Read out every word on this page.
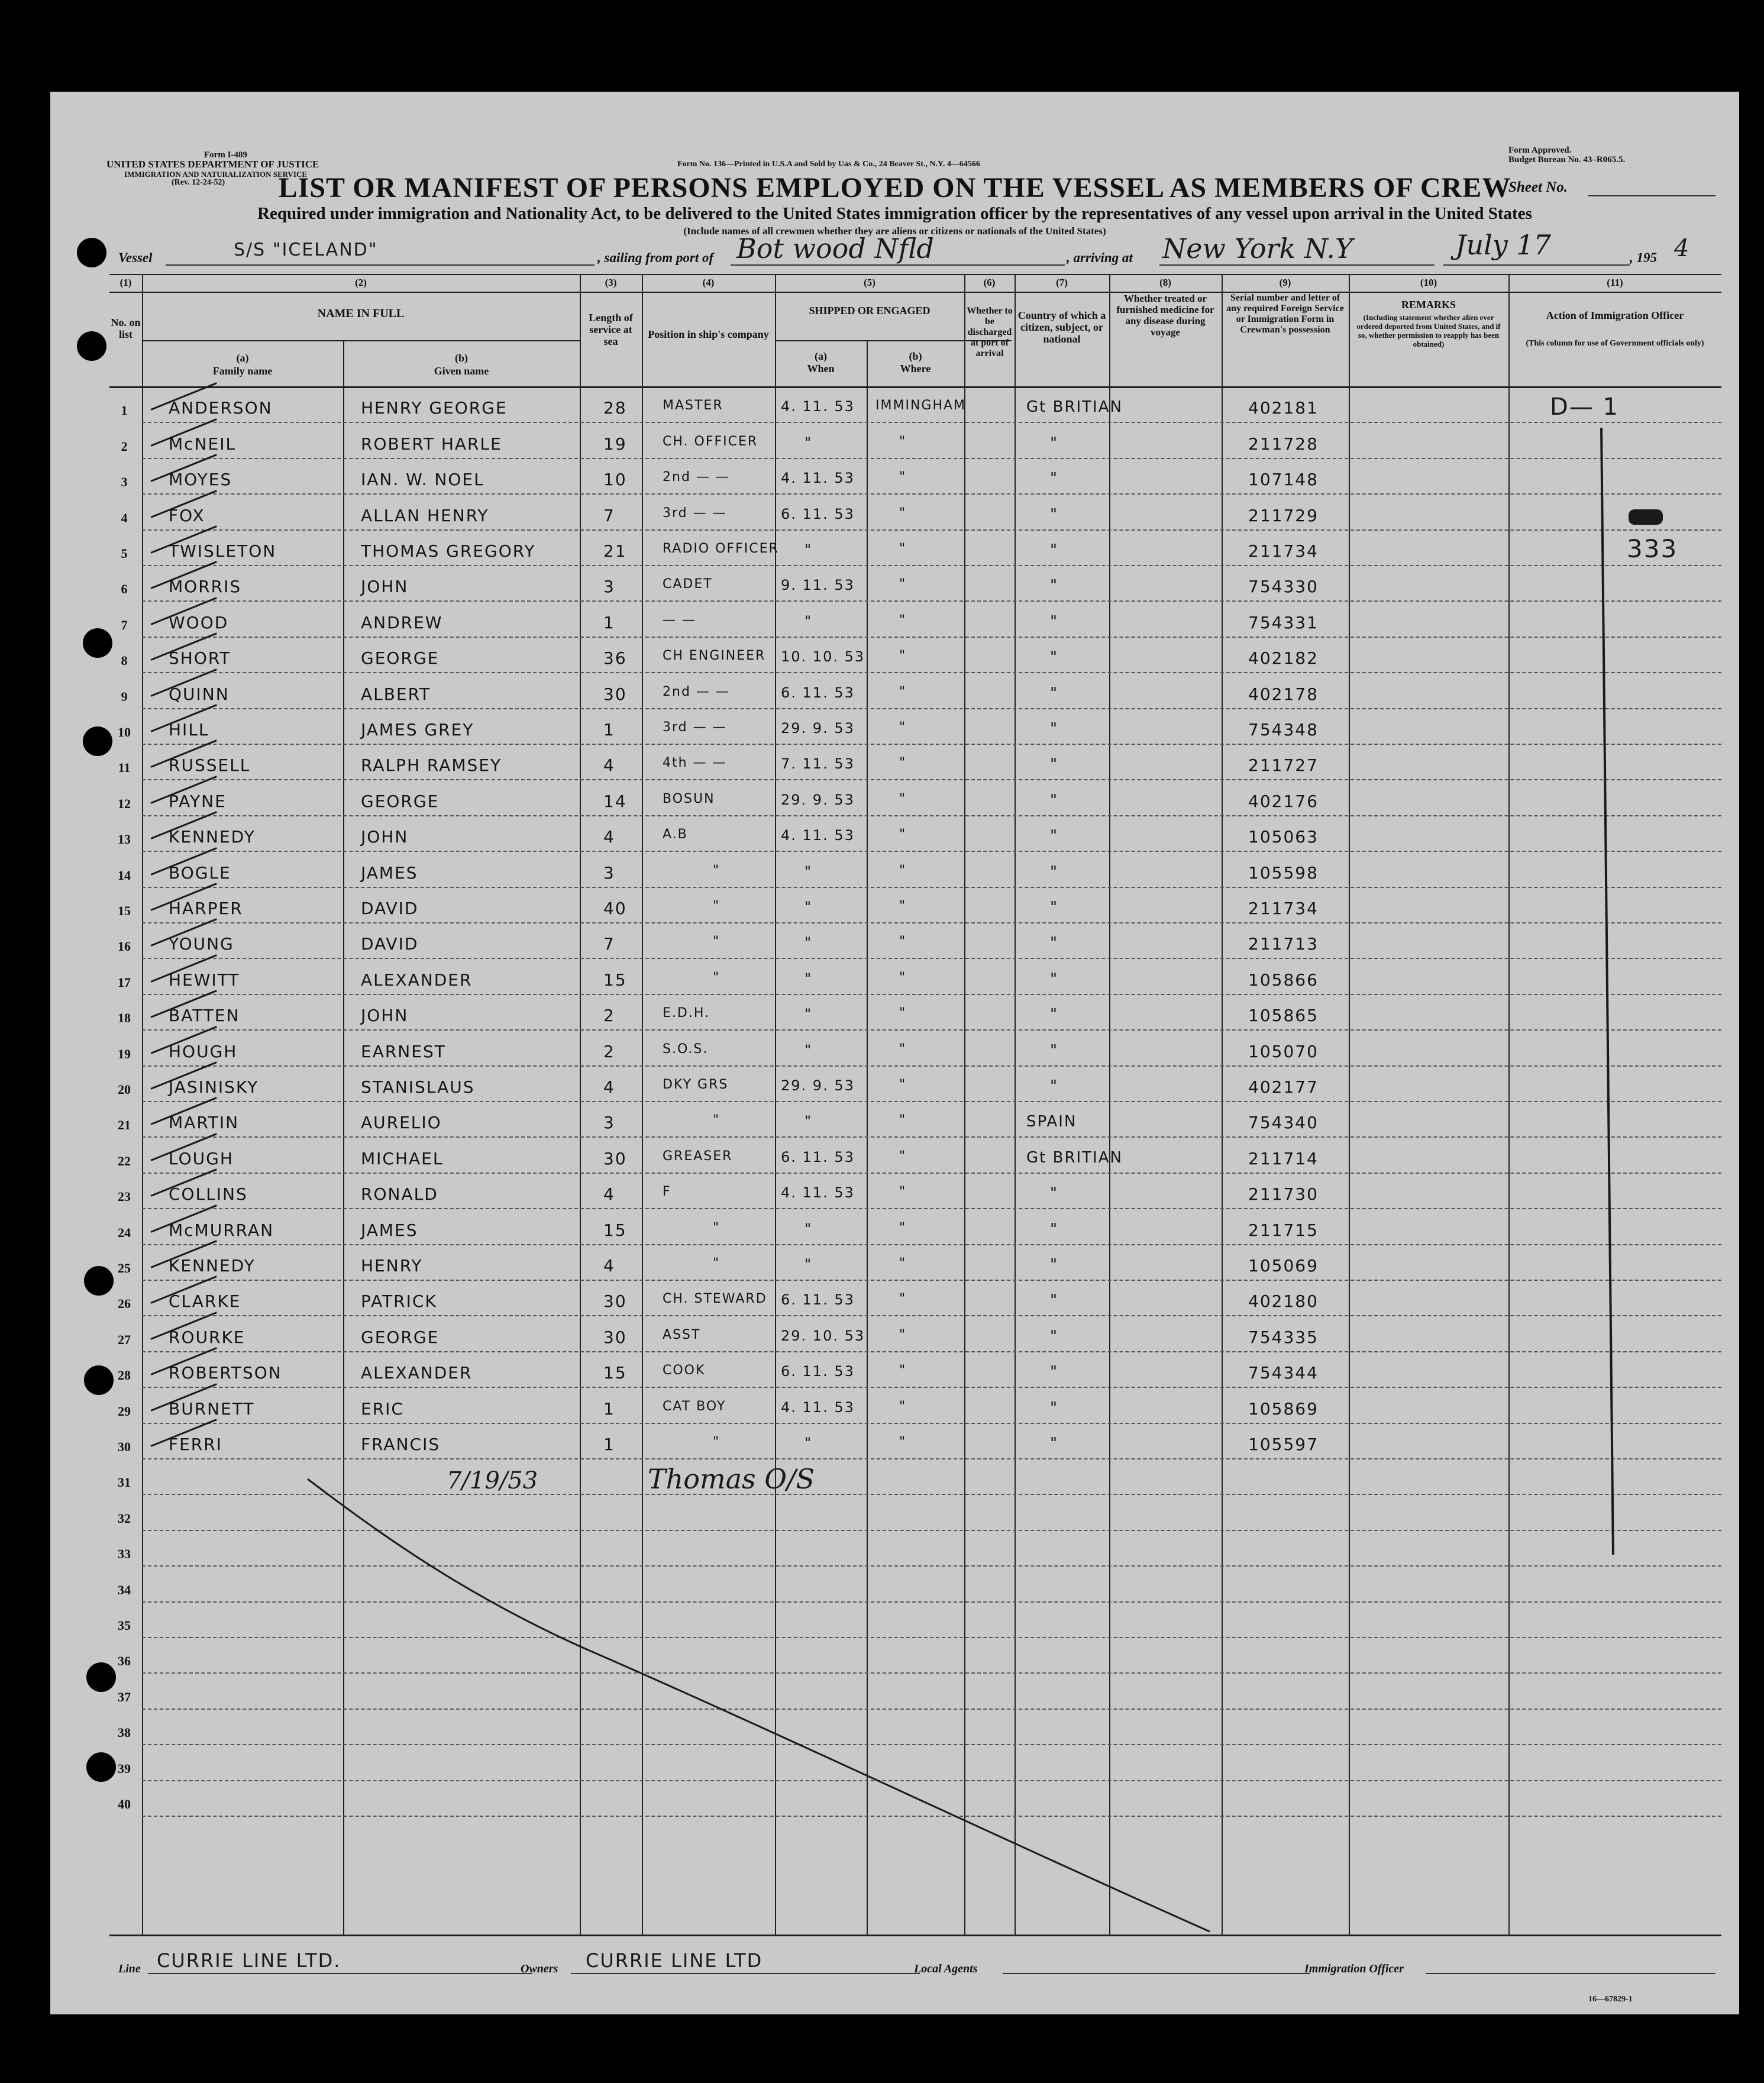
Form I-489
UNITED STATES DEPARTMENT OF JUSTICE
IMMIGRATION AND NATURALIZATION SERVICE
(Rev. 12-24-52)
Form No. 136—Printed in U.S.A and Sold by Uas & Co., 24 Beaver St., N.Y. 4—64566
Form Approved.
Budget Bureau No. 43–R065.5.
Sheet No.
LIST OR MANIFEST OF PERSONS EMPLOYED ON THE VESSEL AS MEMBERS OF CREW
Required under immigration and Nationality Act, to be delivered to the United States immigration officer by the representatives of any vessel upon arrival in the United States
(Include names of all crewmen whether they are aliens or citizens or nationals of the United States)
Vessel	S/S "ICELAND"	, sailing from port of Bot wood Nfld	, arriving at New York N.Y	July 17	, 195 4
(1)	(2)	(3)	(4)	(5)	(6)	(7)	(8)	(9)	(10)	(11)
No. on list
NAME IN FULL
(a)
Family name
(b)
Given name
Length of service at sea
Position in ship's company
SHIPPED OR ENGAGED
(a)
When
(b)
Where
Whether to be discharged at port of arrival
Country of which a citizen, subject, or national
Whether treated or furnished medicine for any disease during voyage
Serial number and letter of any required Foreign Service or Immigration Form in Crewman's possession
REMARKS
(Including statement whether alien ever ordered deported from United States, and if so, whether permission to reapply has been obtained)
Action of Immigration Officer
(This column for use of Government officials only)
1	ANDERSON	HENRY GEORGE	28	MASTER	4. 11. 53 IMMINGHAM	Gt BRITIAN	402181
2	McNEIL	ROBERT HARLE	19	CH. OFFICER	"	"	"	211728
3	MOYES	IAN. W. NOEL	10	2nd — —	4. 11. 53	"	"	107148
4	FOX	ALLAN HENRY	7	3rd — —	6. 11. 53	"	"	211729
5	TWISLETON	THOMAS GREGORY	21	RADIO OFFICER "	"	"	211734
6	MORRIS	JOHN	3	CADET	9. 11. 53	"	"	754330
7	WOOD	ANDREW	1	— —	"	"	"	754331
8	SHORT	GEORGE	36	CH ENGINEER 10. 10. 53	"	"	402182
9	QUINN	ALBERT	30	2nd — —	6. 11. 53	"	"	402178
10	HILL	JAMES GREY	1	3rd — —	29. 9. 53	"	"	754348
11	RUSSELL	RALPH RAMSEY	4	4th — —	7. 11. 53	"	"	211727
12	PAYNE	GEORGE	14	BOSUN	29. 9. 53	"	"	402176
13	KENNEDY	JOHN	4	A.B	4. 11. 53	"	"	105063
14	BOGLE	JAMES	3	"	"	"	"	105598
15	HARPER	DAVID	40	"	"	"	"	211734
16	YOUNG	DAVID	7	"	"	"	"	211713
17	HEWITT	ALEXANDER	15	"	"	"	"	105866
18	BATTEN	JOHN	2	E.D.H.	"	"	"	105865
19	HOUGH	EARNEST	2	S.O.S.	"	"	"	105070
20	JASINISKY	STANISLAUS	4	DKY GRS	29. 9. 53	"	"	402177
21	MARTIN	AURELIO	3	"	"	"	SPAIN	754340
22	LOUGH	MICHAEL	30	GREASER	6. 11. 53	"	Gt BRITIAN	211714
23	COLLINS	RONALD	4	F	4. 11. 53	"	"	211730
24	McMURRAN	JAMES	15	"	"	"	"	211715
25	KENNEDY	HENRY	4	"	"	"	"	105069
26	CLARKE	PATRICK	30	CH. STEWARD 6. 11. 53	"	"	402180
27	ROURKE	GEORGE	30	ASST	29. 10. 53	"	"	754335
28	ROBERTSON	ALEXANDER	15	COOK	6. 11. 53	"	"	754344
29	BURNETT	ERIC	1	CAT BOY	4. 11. 53	"	"	105869
30	FERRI	FRANCIS	1	"	"	"	"	105597
31
32
33
34
35
36
37
38
39
40
D— 1
333
7/19/53	Thomas O/S
Line CURRIE LINE LTD.	Owners CURRIE LINE LTD	Local Agents	Immigration Officer
16—67829-1
